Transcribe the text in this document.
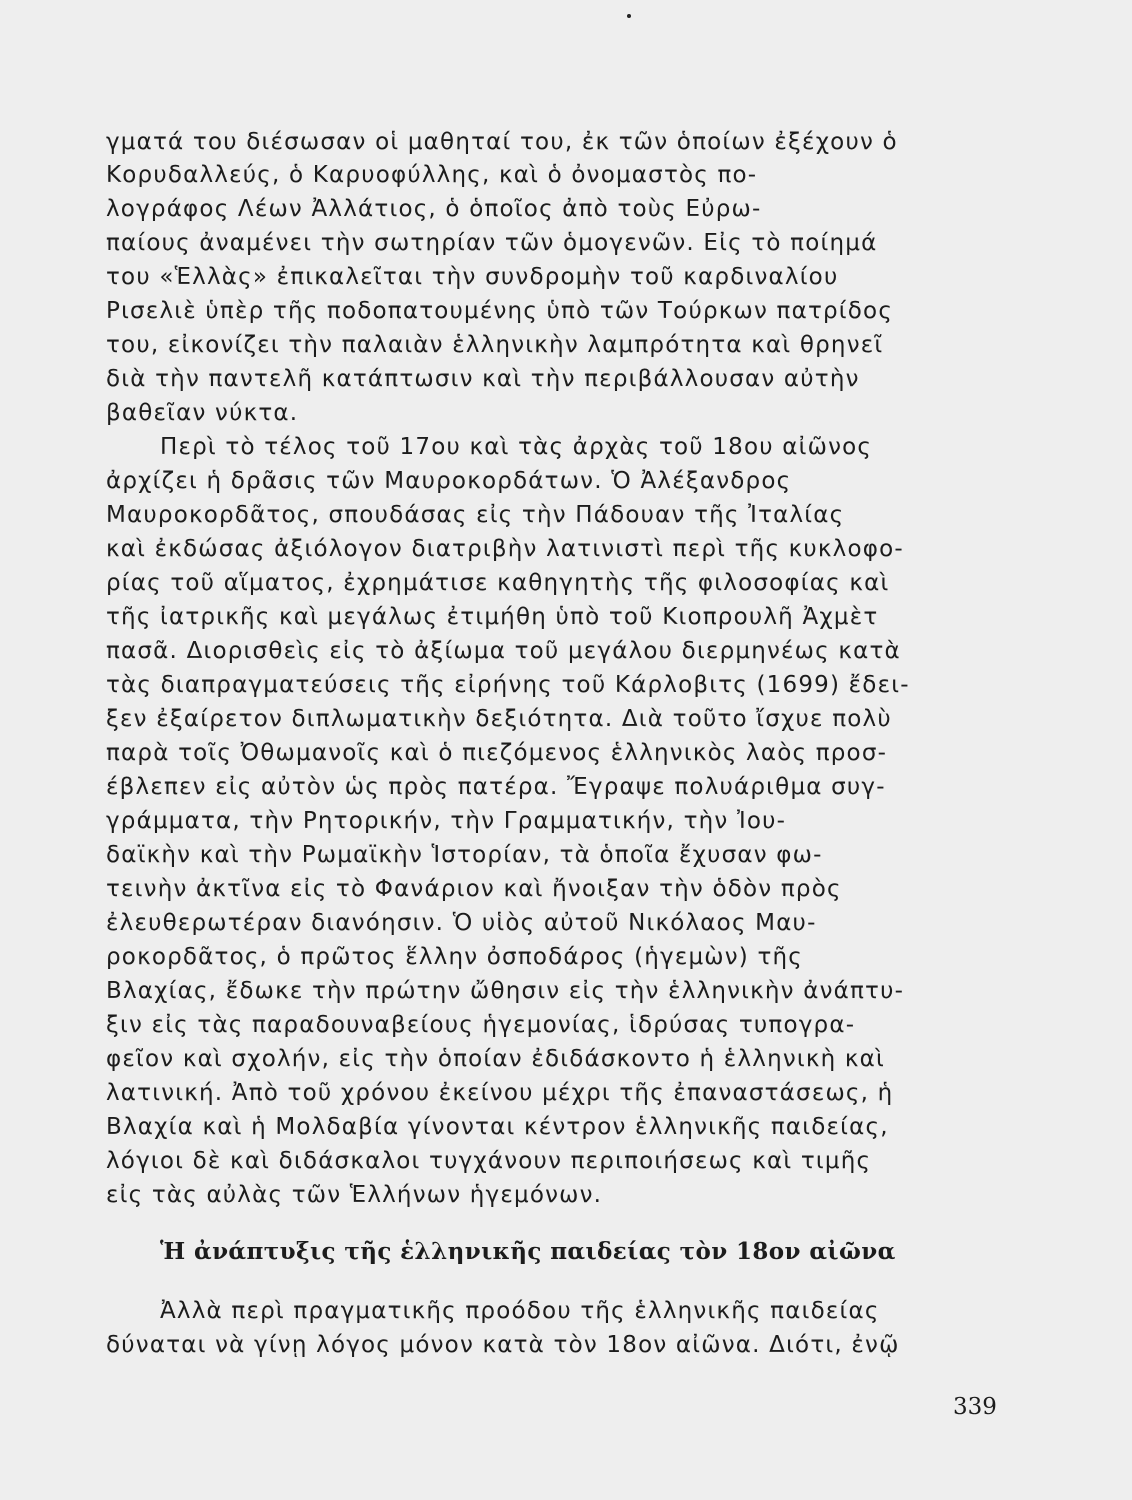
γματά του διέσωσαν οἱ μαθηταί του, ἐκ τῶν ὁποίων ἐξέχουν ὁ
Κορυδαλλεύς, ὁ Καρυοφύλλης, καὶ ὁ ὀνομαστὸς πο-
λογράφος Λέων Ἀλλάτιος, ὁ ὁποῖος ἀπὸ τοὺς Εὐρω-
παίους ἀναμένει τὴν σωτηρίαν τῶν ὁμογενῶν. Εἰς τὸ ποίημά
του «Ἑλλὰς» ἐπικαλεῖται τὴν συνδρομὴν τοῦ καρδιναλίου
Ρισελιὲ ὑπὲρ τῆς ποδοπατουμένης ὑπὸ τῶν Τούρκων πατρίδος
του, εἰκονίζει τὴν παλαιὰν ἑλληνικὴν λαμπρότητα καὶ θρηνεῖ
διὰ τὴν παντελῆ κατάπτωσιν καὶ τὴν περιβάλλουσαν αὐτὴν
βαθεῖαν νύκτα.
Περὶ τὸ τέλος τοῦ 17ου καὶ τὰς ἀρχὰς τοῦ 18ου αἰῶνος
ἀρχίζει ἡ δρᾶσις τῶν Μαυροκορδάτων. Ὁ Ἀλέξανδρος
Μαυροκορδᾶτος, σπουδάσας εἰς τὴν Πάδουαν τῆς Ἰταλίας
καὶ ἐκδώσας ἀξιόλογον διατριβὴν λατινιστὶ περὶ τῆς κυκλοφο-
ρίας τοῦ αἵματος, ἐχρημάτισε καθηγητὴς τῆς φιλοσοφίας καὶ
τῆς ἰατρικῆς καὶ μεγάλως ἐτιμήθη ὑπὸ τοῦ Κιοπρουλῆ Ἀχμὲτ
πασᾶ. Διορισθεὶς εἰς τὸ ἀξίωμα τοῦ μεγάλου διερμηνέως κατὰ
τὰς διαπραγματεύσεις τῆς εἰρήνης τοῦ Κάρλοβιτς (1699) ἔδει-
ξεν ἐξαίρετον διπλωματικὴν δεξιότητα. Διὰ τοῦτο ἴσχυε πολὺ
παρὰ τοῖς Ὀθωμανοῖς καὶ ὁ πιεζόμενος ἑλληνικὸς λαὸς προσ-
έβλεπεν εἰς αὐτὸν ὡς πρὸς πατέρα. Ἔγραψε πολυάριθμα συγ-
γράμματα, τὴν Ρητορικήν, τὴν Γραμματικήν, τὴν Ἰου-
δαϊκὴν καὶ τὴν Ρωμαϊκὴν Ἱστορίαν, τὰ ὁποῖα ἔχυσαν φω-
τεινὴν ἀκτῖνα εἰς τὸ Φανάριον καὶ ἤνοιξαν τὴν ὁδὸν πρὸς
ἐλευθερωτέραν διανόησιν. Ὁ υἱὸς αὐτοῦ Νικόλαος Μαυ-
ροκορδᾶτος, ὁ πρῶτος ἕλλην ὀσποδάρος (ἡγεμὼν) τῆς
Βλαχίας, ἔδωκε τὴν πρώτην ὤθησιν εἰς τὴν ἑλληνικὴν ἀνάπτυ-
ξιν εἰς τὰς παραδουναβείους ἡγεμονίας, ἱδρύσας τυπογρα-
φεῖον καὶ σχολήν, εἰς τὴν ὁποίαν ἐδιδάσκοντο ἡ ἑλληνικὴ καὶ
λατινική. Ἀπὸ τοῦ χρόνου ἐκείνου μέχρι τῆς ἐπαναστάσεως, ἡ
Βλαχία καὶ ἡ Μολδαβία γίνονται κέντρον ἑλληνικῆς παιδείας,
λόγιοι δὲ καὶ διδάσκαλοι τυγχάνουν περιποιήσεως καὶ τιμῆς
εἰς τὰς αὐλὰς τῶν Ἑλλήνων ἡγεμόνων.
Ἡ ἀνάπτυξις τῆς ἑλληνικῆς παιδείας τὸν 18ον αἰῶνα
Ἀλλὰ περὶ πραγματικῆς προόδου τῆς ἑλληνικῆς παιδείας
δύναται νὰ γίνῃ λόγος μόνον κατὰ τὸν 18ον αἰῶνα. Διότι, ἐνῷ
339
